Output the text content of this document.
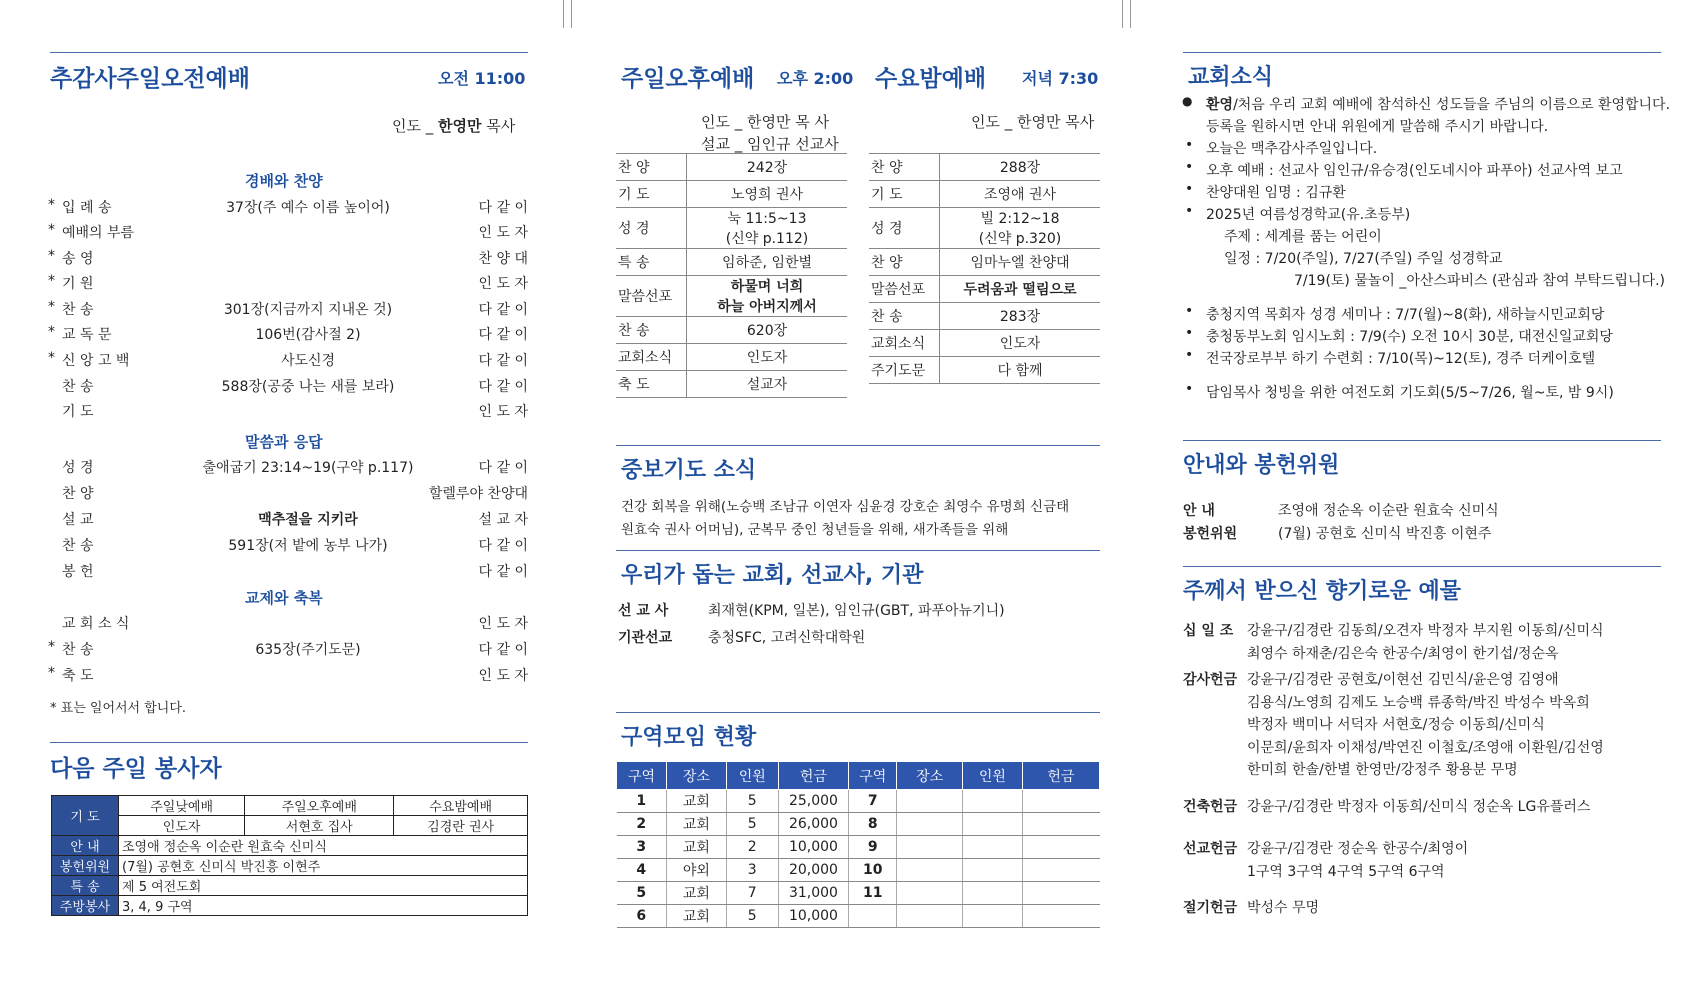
추감사주일오전예배	오전 11:00
인도 _ 한영만 목사
경배와 찬양
말씀과 응답
교제와 축복
* 입 례 송	37장(주 예수 이름 높이어)	다 같 이
* 예배의 부름	인 도 자
* 송 영	찬 양 대
* 기 원	인 도 자
* 찬 송	301장(지금까지 지내온 것)	다 같 이
* 교 독 문	106번(감사절 2)	다 같 이
* 신 앙 고 백	사도신경	다 같 이
찬 송	588장(공중 나는 새를 보라)	다 같 이
기 도	인 도 자
성 경	출애굽기 23:14~19(구약 p.117)	다 같 이
찬 양	할렐루야 찬양대
설 교	맥추절을 지키라	설 교 자
찬 송	591장(저 밭에 농부 나가)	다 같 이
봉 헌	다 같 이
교 회 소 식	인 도 자
* 찬 송	635장(주기도문)	다 같 이
* 축 도	인 도 자
* 표는 일어서서 합니다.
다음 주일 봉사자
기 도	주일낮예배	주일오후예배	수요밤예배
	인도자	서현호 집사	김경란 권사
안 내	조영애 정순옥 이순란 원효숙 신미식		
봉헌위원	(7월) 공현호 신미식 박진흥 이현주		
특 송	제 5 여전도회		
주방봉사	3, 4, 9 구역		
주일오후예배 오후 2:00 수요밤예배 저녁 7:30
인도 _ 한영만 목 사
설교 _ 임인규 선교사
인도 _ 한영만 목사
찬 양	242장

기 도	노영희 권사

성 경	눅 11:5~13
(신약 p.112)

특 송	임하준, 임한별

말씀선포	하물며 너희
하늘 아버지께서

찬 송	620장

교회소식	인도자

축 도	설교자
찬 양	288장

기 도	조영애 권사

성 경	빌 2:12~18
(신약 p.320)

찬 양	임마누엘 찬양대

말씀선포	두려움과 떨림으로

찬 송	283장

교회소식	인도자

주기도문	다 함께
중보기도 소식
건강 회복을 위해(노승백 조남규 이연자 심윤경 강호순 최영수 유명희 신금태
원효숙 권사 어머님), 군복무 중인 청년들을 위해, 새가족들을 위해
우리가 돕는 교회, 선교사, 기관
선 교 사	최재현(KPM, 일본), 임인규(GBT, 파푸아뉴기니)
기관선교	충청SFC, 고려신학대학원
구역모임 현황
구역	장소	인원	헌금	구역	장소	인원	헌금
1	교회	5	25,000	7			
2	교회	5	26,000	8			
3	교회	2	10,000	9			
4	야외	3	20,000	10			
5	교회	7	31,000	11			
6	교회	5	10,000				
교회소식
● 환영/처음 우리 교회 예배에 참석하신 성도들을 주님의 이름으로 환영합니다.
등록을 원하시면 안내 위원에게 말씀해 주시기 바랍니다.
• 오늘은 맥추감사주일입니다.
• 오후 예배 : 선교사 임인규/유승경(인도네시아 파푸아) 선교사역 보고
• 찬양대원 임명 : 김규환
• 2025년 여름성경학교(유.초등부)
주제 : 세계를 품는 어린이
일정 : 7/20(주일), 7/27(주일) 주일 성경학교
7/19(토) 물놀이 _아산스파비스 (관심과 참여 부탁드립니다.)
• 충청지역 목회자 성경 세미나 : 7/7(월)~8(화), 새하늘시민교회당
• 충청동부노회 임시노회 : 7/9(수) 오전 10시 30분, 대전신일교회당
• 전국장로부부 하기 수련회 : 7/10(목)~12(토), 경주 더케이호텔
• 담임목사 청빙을 위한 여전도회 기도회(5/5~7/26, 월~토, 밤 9시)
안내와 봉헌위원
안 내	조영애 정순옥 이순란 원효숙 신미식
봉헌위원	(7월) 공현호 신미식 박진흥 이현주
주께서 받으신 향기로운 예물
십 일 조 강윤구/김경란 김동희/오견자 박정자 부지원 이동희/신미식
최영수 하재춘/김은숙 한공수/최영이 한기섭/정순옥
감사헌금 강윤구/김경란 공현호/이현선 김민식/윤은영 김영애
김용식/노영희 김제도 노승백 류종학/박진 박성수 박옥희
박정자 백미나 서덕자 서현호/정승 이동희/신미식
이문희/윤희자 이채성/박연진 이철호/조영애 이환원/김선영
한미희 한솔/한별 한영만/강정주 황용분 무명
건축헌금 강윤구/김경란 박정자 이동희/신미식 정순옥 LG유플러스
선교헌금 강윤구/김경란 정순옥 한공수/최영이
1구역 3구역 4구역 5구역 6구역
절기헌금 박성수 무명
